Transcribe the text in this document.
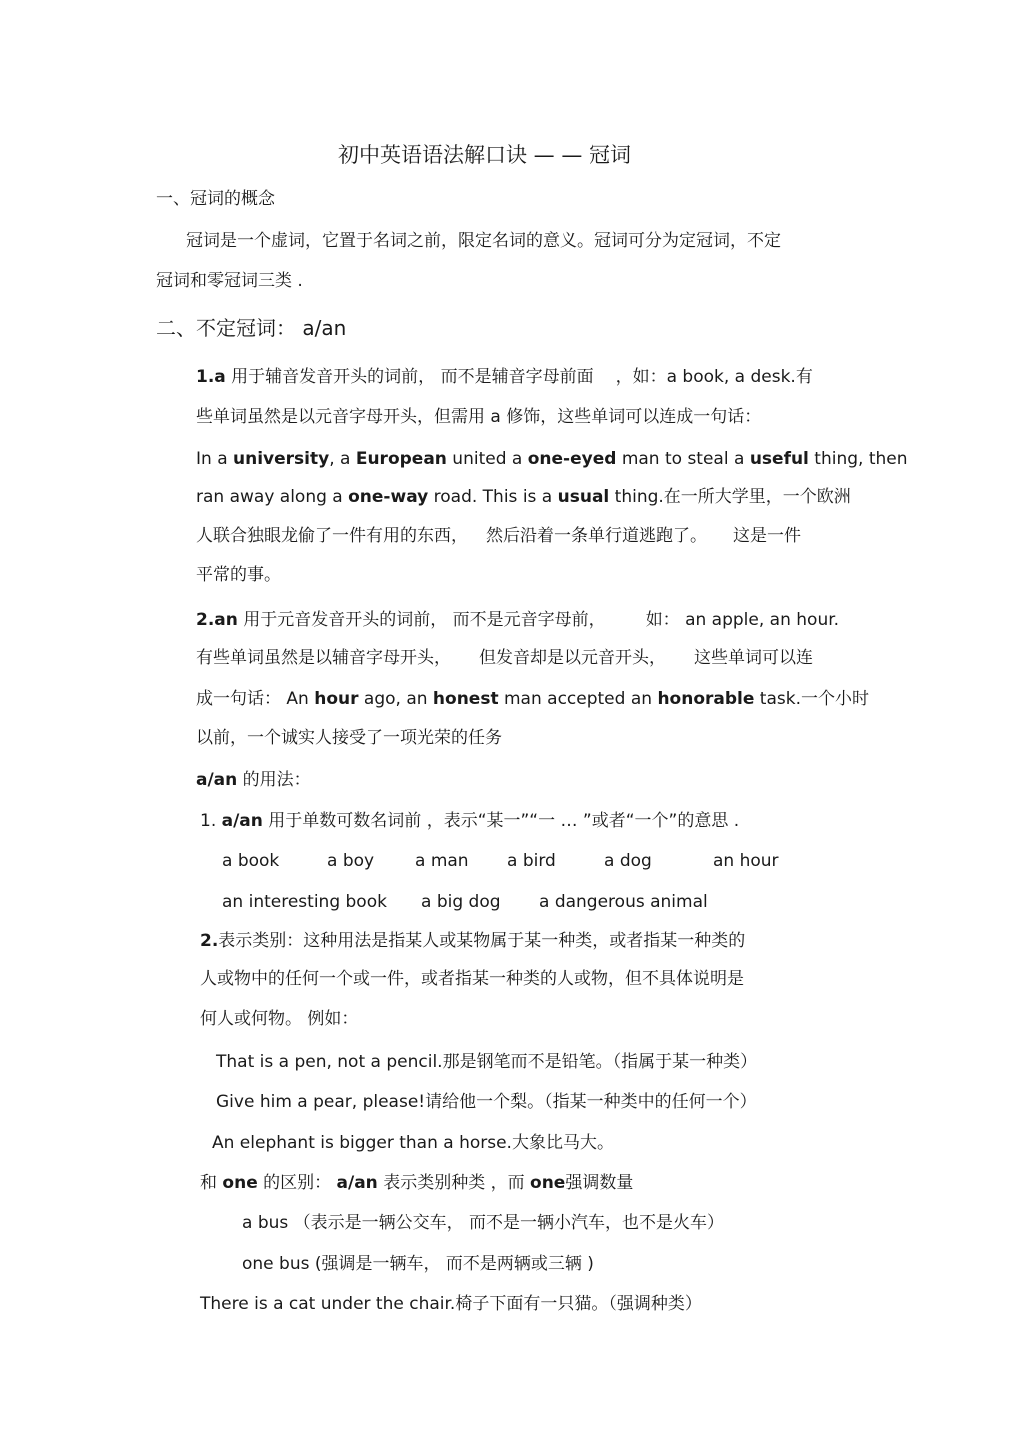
初中英语语法解口诀 — — 冠词
一、冠词的概念
冠词是一个虚词，它置于名词之前，限定名词的意义。冠词可分为定冠词，不定
冠词和零冠词三类 .
二、不定冠词： a/an
1.a 用于辅音发音开头的词前， 而不是辅音字母前面 ，如：a book, a desk.有
些单词虽然是以元音字母开头，但需用 a 修饰，这些单词可以连成一句话：
In a university, a European united a one-eyed man to steal a useful thing, then
ran away along a one-way road. This is a usual thing.在一所大学里，一个欧洲
人联合独眼龙偷了一件有用的东西， 然后沿着一条单行道逃跑了。 这是一件
平常的事。
2.an 用于元音发音开头的词前， 而不是元音字母前， 如： an apple, an hour.
有些单词虽然是以辅音字母开头， 但发音却是以元音开头， 这些单词可以连
成一句话： An hour ago, an honest man accepted an honorable task.一个小时
以前，一个诚实人接受了一项光荣的任务
a/an 的用法：
1. a/an 用于单数可数名词前 ，表示“某一”“一 … ”或者“一个”的意思 .
a book	a boy a man a bird	a dog	an hour
an interesting book a big dog a dangerous animal
2.表示类别：这种用法是指某人或某物属于某一种类，或者指某一种类的
人或物中的任何一个或一件，或者指某一种类的人或物，但不具体说明是
何人或何物。 例如：
That is a pen, not a pencil.那是钢笔而不是铅笔。（指属于某一种类）
Give him a pear, please!请给他一个梨。（指某一种类中的任何一个）
An elephant is bigger than a horse.大象比马大。
和 one 的区别： a/an 表示类别种类 ，而 one强调数量
a bus （表示是一辆公交车， 而不是一辆小汽车，也不是火车）
one bus (强调是一辆车， 而不是两辆或三辆 )
There is a cat under the chair.椅子下面有一只猫。（强调种类）
